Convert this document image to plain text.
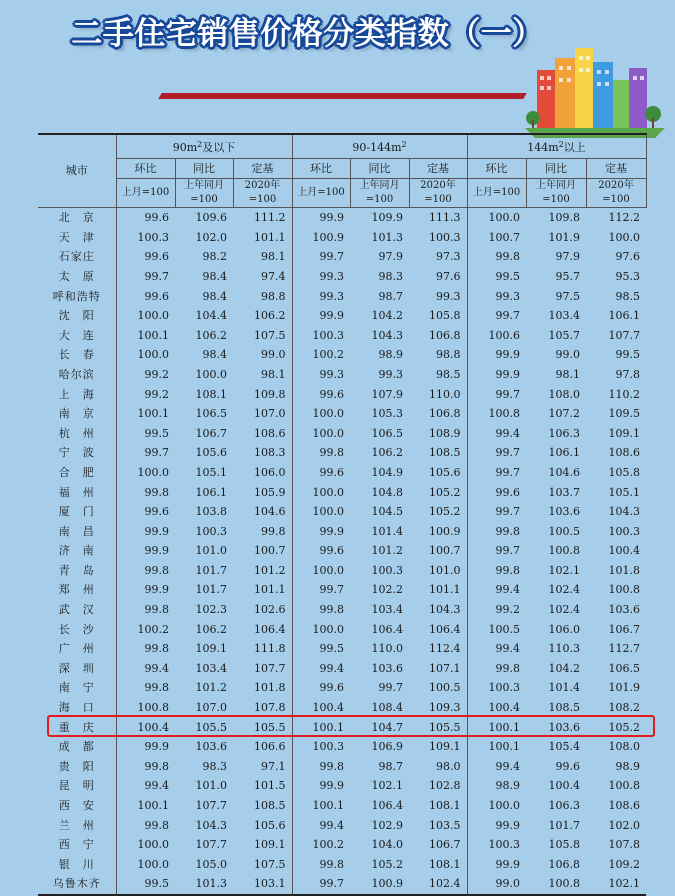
二手住宅销售价格分类指数（一）
城市	$90m^2$及以下			$90-144m^2$			$144m^2$以上		
	环比	同比	定基	环比	同比	定基	环比	同比	定基
	上月=100	上年同月=100	2020年=100	上月=100	上年同月=100	2020年=100	上月=100	上年同月=100	2020年=100
北　京	99.6	109.6	111.2	99.9	109.9	111.3	100.0	109.8	112.2
天　津	100.3	102.0	101.1	100.9	101.3	100.3	100.7	101.9	100.0
石家庄	99.6	98.2	98.1	99.7	97.9	97.3	99.8	97.9	97.6
太　原	99.7	98.4	97.4	99.3	98.3	97.6	99.5	95.7	95.3
呼和浩特	99.6	98.4	98.8	99.3	98.7	99.3	99.3	97.5	98.5
沈　阳	100.0	104.4	106.2	99.9	104.2	105.8	99.7	103.4	106.1
大　连	100.1	106.2	107.5	100.3	104.3	106.8	100.6	105.7	107.7
长　春	100.0	98.4	99.0	100.2	98.9	98.8	99.9	99.0	99.5
哈尔滨	99.2	100.0	98.1	99.3	99.3	98.5	99.9	98.1	97.8
上　海	99.2	108.1	109.8	99.6	107.9	110.0	99.7	108.0	110.2
南　京	100.1	106.5	107.0	100.0	105.3	106.8	100.8	107.2	109.5
杭　州	99.5	106.7	108.6	100.0	106.5	108.9	99.4	106.3	109.1
宁　波	99.7	105.6	108.3	99.8	106.2	108.5	99.7	106.1	108.6
合　肥	100.0	105.1	106.0	99.6	104.9	105.6	99.7	104.6	105.8
福　州	99.8	106.1	105.9	100.0	104.8	105.2	99.6	103.7	105.1
厦　门	99.6	103.8	104.6	100.0	104.5	105.2	99.7	103.6	104.3
南　昌	99.9	100.3	99.8	99.9	101.4	100.9	99.8	100.5	100.3
济　南	99.9	101.0	100.7	99.6	101.2	100.7	99.7	100.8	100.4
青　岛	99.8	101.7	101.2	100.0	100.3	101.0	99.8	102.1	101.8
郑　州	99.9	101.7	101.1	99.7	102.2	101.1	99.4	102.4	100.8
武　汉	99.8	102.3	102.6	99.8	103.4	104.3	99.2	102.4	103.6
长　沙	100.2	106.2	106.4	100.0	106.4	106.4	100.5	106.0	106.7
广　州	99.8	109.1	111.8	99.5	110.0	112.4	99.4	110.3	112.7
深　圳	99.4	103.4	107.7	99.4	103.6	107.1	99.8	104.2	106.5
南　宁	99.8	101.2	101.8	99.6	99.7	100.5	100.3	101.4	101.9
海　口	100.8	107.0	107.8	100.4	108.4	109.3	100.4	108.5	108.2
重　庆	100.4	105.5	105.5	100.1	104.7	105.5	100.1	103.6	105.2
成　都	99.9	103.6	106.6	100.3	106.9	109.1	100.1	105.4	108.0
贵　阳	99.8	98.3	97.1	99.8	98.7	98.0	99.4	99.6	98.9
昆　明	99.4	101.0	101.5	99.9	102.1	102.8	98.9	100.4	100.8
西　安	100.1	107.7	108.5	100.1	106.4	108.1	100.0	106.3	108.6
兰　州	99.8	104.3	105.6	99.4	102.9	103.5	99.9	101.7	102.0
西　宁	100.0	107.7	109.1	100.2	104.0	106.7	100.3	105.8	107.8
银　川	100.0	105.0	107.5	99.8	105.2	108.1	99.9	106.8	109.2
乌鲁木齐	99.5	101.3	103.1	99.7	100.9	102.4	99.0	100.8	102.1
